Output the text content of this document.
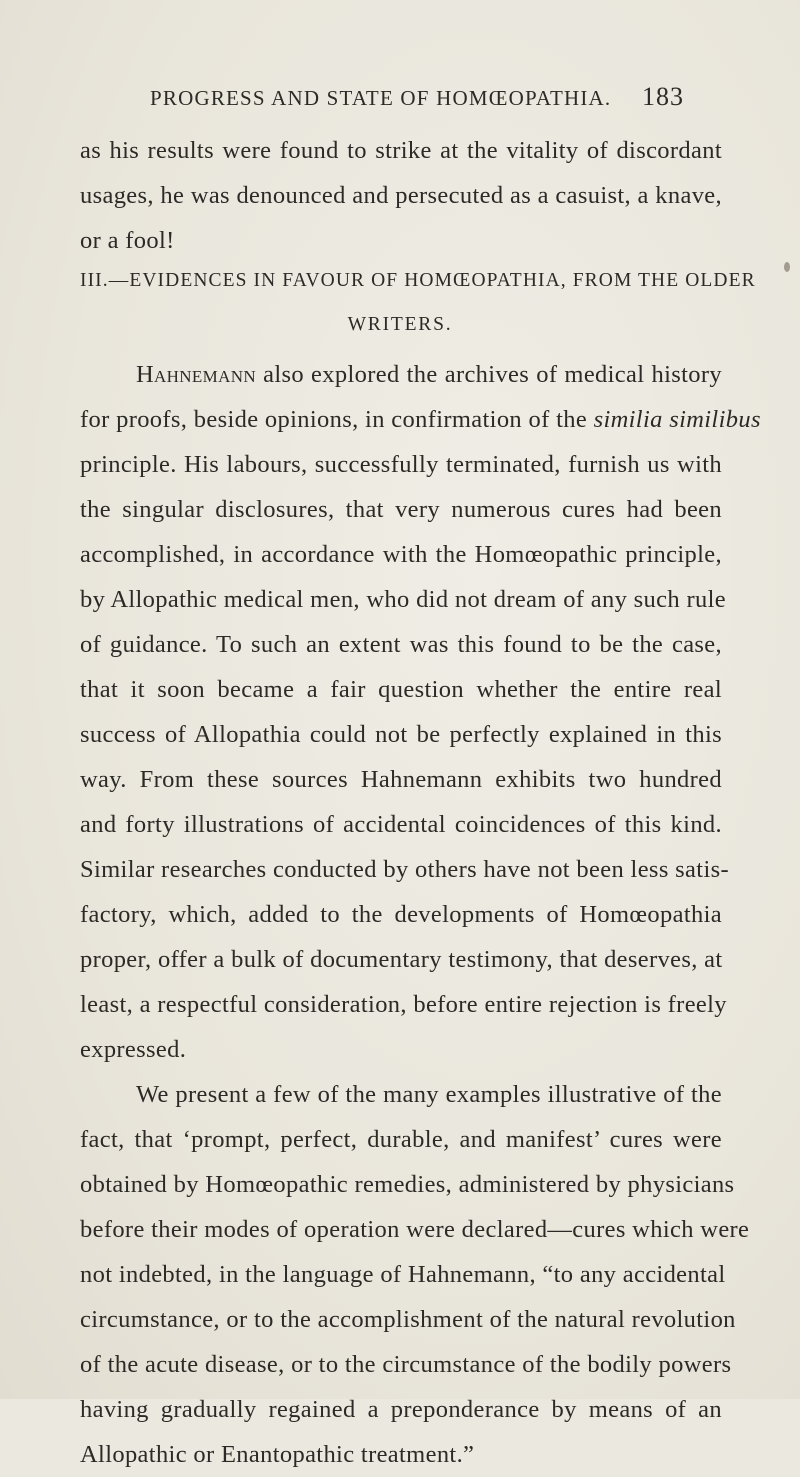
PROGRESS AND STATE OF HOMŒOPATHIA.	183
as his results were found to strike at the vitality of discordant
usages, he was denounced and persecuted as a casuist, a knave,
or a fool!
III.—EVIDENCES IN FAVOUR OF HOMŒOPATHIA, FROM THE OLDER
WRITERS.
Hahnemann also explored the archives of medical history
for proofs, beside opinions, in confirmation of the similia similibus
principle. His labours, successfully terminated, furnish us with
the singular disclosures, that very numerous cures had been
accomplished, in accordance with the Homœopathic principle,
by Allopathic medical men, who did not dream of any such rule
of guidance. To such an extent was this found to be the case,
that it soon became a fair question whether the entire real
success of Allopathia could not be perfectly explained in this
way. From these sources Hahnemann exhibits two hundred
and forty illustrations of accidental coincidences of this kind.
Similar researches conducted by others have not been less satis-
factory, which, added to the developments of Homœopathia
proper, offer a bulk of documentary testimony, that deserves, at
least, a respectful consideration, before entire rejection is freely
expressed.
We present a few of the many examples illustrative of the
fact, that ‘prompt, perfect, durable, and manifest’ cures were
obtained by Homœopathic remedies, administered by physicians
before their modes of operation were declared—cures which were
not indebted, in the language of Hahnemann, “to any accidental
circumstance, or to the accomplishment of the natural revolution
of the acute disease, or to the circumstance of the bodily powers
having gradually regained a preponderance by means of an
Allopathic or Enantopathic treatment.”
